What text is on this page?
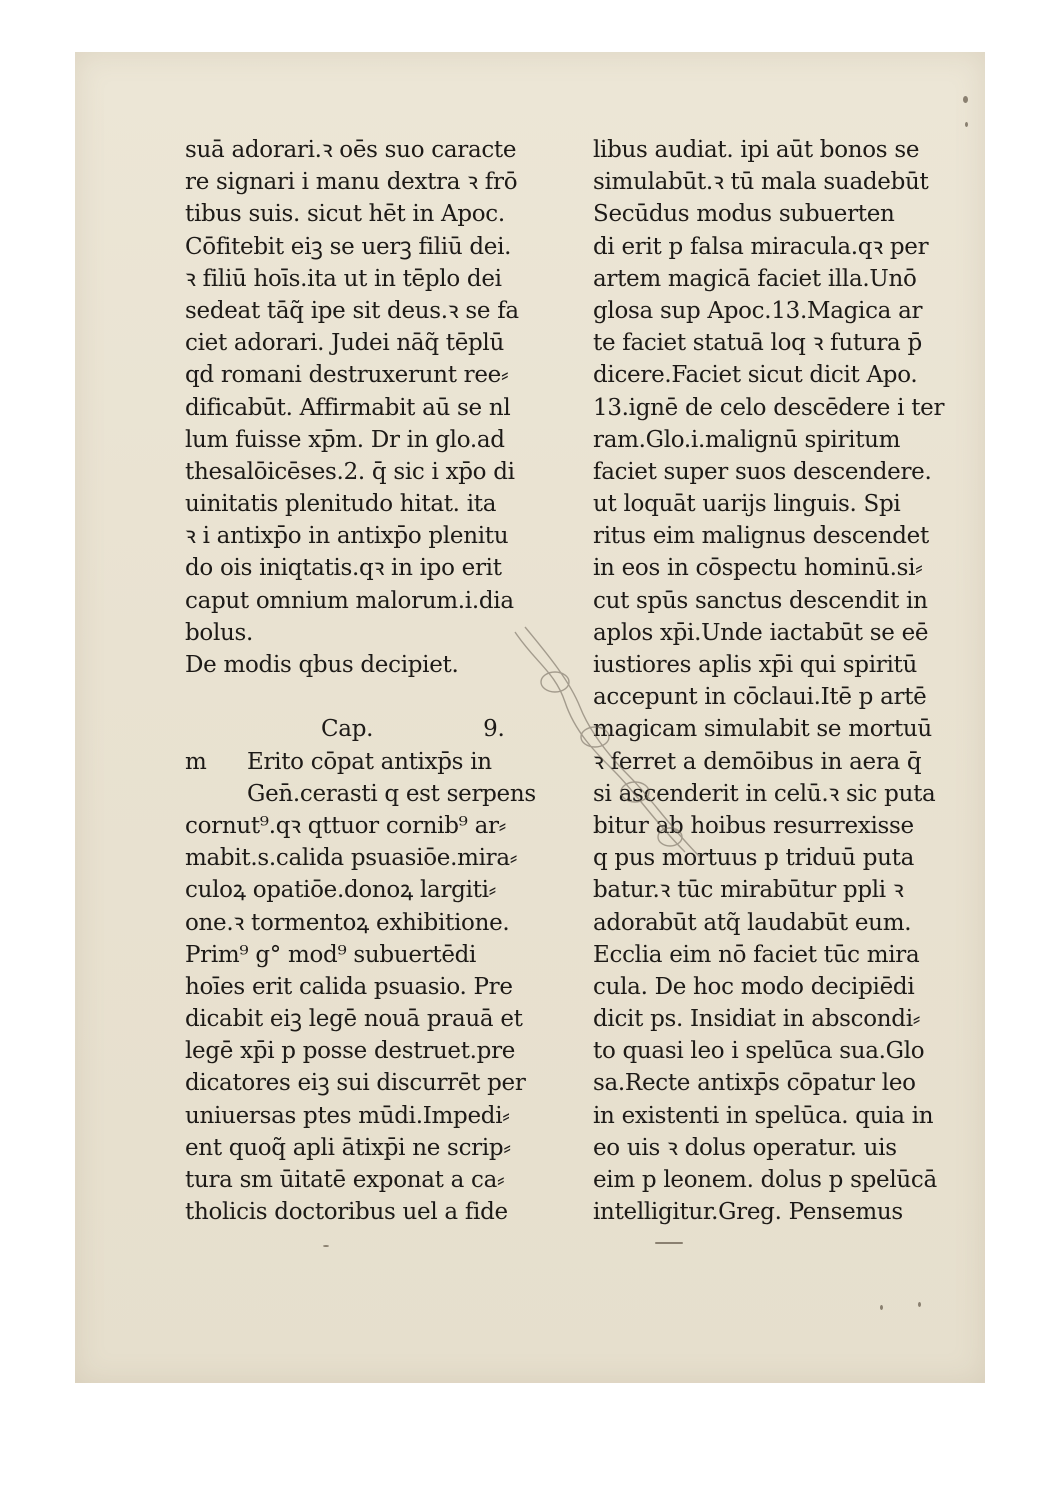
suā adorari.ꝛ oēs suo caracte
re signari i manu dextra ꝛ frō
tibus suis. sicut hēt in Apoc.
Cōfitebit eiꝫ se uerꝫ filiū dei.
ꝛ filiū hoīs.ita ut in tēplo dei
sedeat tāq̃ ipe sit deus.ꝛ se fa
ciet adorari. Judei nāq̃ tēplū
qd romani destruxerunt ree⸗
dificabūt. Affirmabit aū se nl
lum fuisse xp̄m. Dr in glo.ad
thesalōicēses.2. q̄ sic i xp̄o di
uinitatis plenitudo hitat. ita
ꝛ i antixp̄o in antixp̄o plenitu
do ois iniqtatis.qꝛ in ipo erit
caput omnium malorum.i.dia
bolus.
De modis qbus decipiet.
Cap.	9.
m Erito cōpat antixp̄s in
Gen̄.cerasti q est serpens
cornut⁹.qꝛ qttuor cornib⁹ ar⸗
mabit.s.calida psuasiōe.mira⸗
culoꝝ opatiōe.donoꝝ largiti⸗
one.ꝛ tormentoꝝ exhibitione.
Prim⁹ g° mod⁹ subuertēdi
hoīes erit calida psuasio. Pre
dicabit eiꝫ legē nouā prauā et
legē xp̄i p posse destruet.pre
dicatores eiꝫ sui discurrēt per
uniuersas ptes mūdi.Impedi⸗
ent quoq̃ apli ātixp̄i ne scrip⸗
tura sm ūitatē exponat a ca⸗
tholicis doctoribus uel a fide
libus audiat. ipi aūt bonos se
simulabūt.ꝛ tū mala suadebūt
Secūdus modus subuerten
di erit p falsa miracula.qꝛ per
artem magicā faciet illa.Unō
glosa sup Apoc.13.Magica ar
te faciet statuā loq ꝛ futura p̄
dicere.Faciet sicut dicit Apo.
13.ignē de celo descēdere i ter
ram.Glo.i.malignū spiritum
faciet super suos descendere.
ut loquāt uarijs linguis. Spi
ritus eim malignus descendet
in eos in cōspectu hominū.si⸗
cut spūs sanctus descendit in
aplos xp̄i.Unde iactabūt se eē
iustiores aplis xp̄i qui spiritū
accepunt in cōclaui.Itē p artē
magicam simulabit se mortuū
ꝛ ferret a demōibus in aera q̄
si ascenderit in celū.ꝛ sic puta
bitur ab hoibus resurrexisse
q pus mortuus p triduū puta
batur.ꝛ tūc mirabūtur ppli ꝛ
adorabūt atq̃ laudabūt eum.
Ecclia eim nō faciet tūc mira
cula. De hoc modo decipiēdi
dicit ps. Insidiat in abscondi⸗
to quasi leo i spelūca sua.Glo
sa.Recte antixp̄s cōpatur leo
in existenti in spelūca. quia in
eo uis ꝛ dolus operatur. uis
eim p leonem. dolus p spelūcā
intelligitur.Greg. Pensemus
